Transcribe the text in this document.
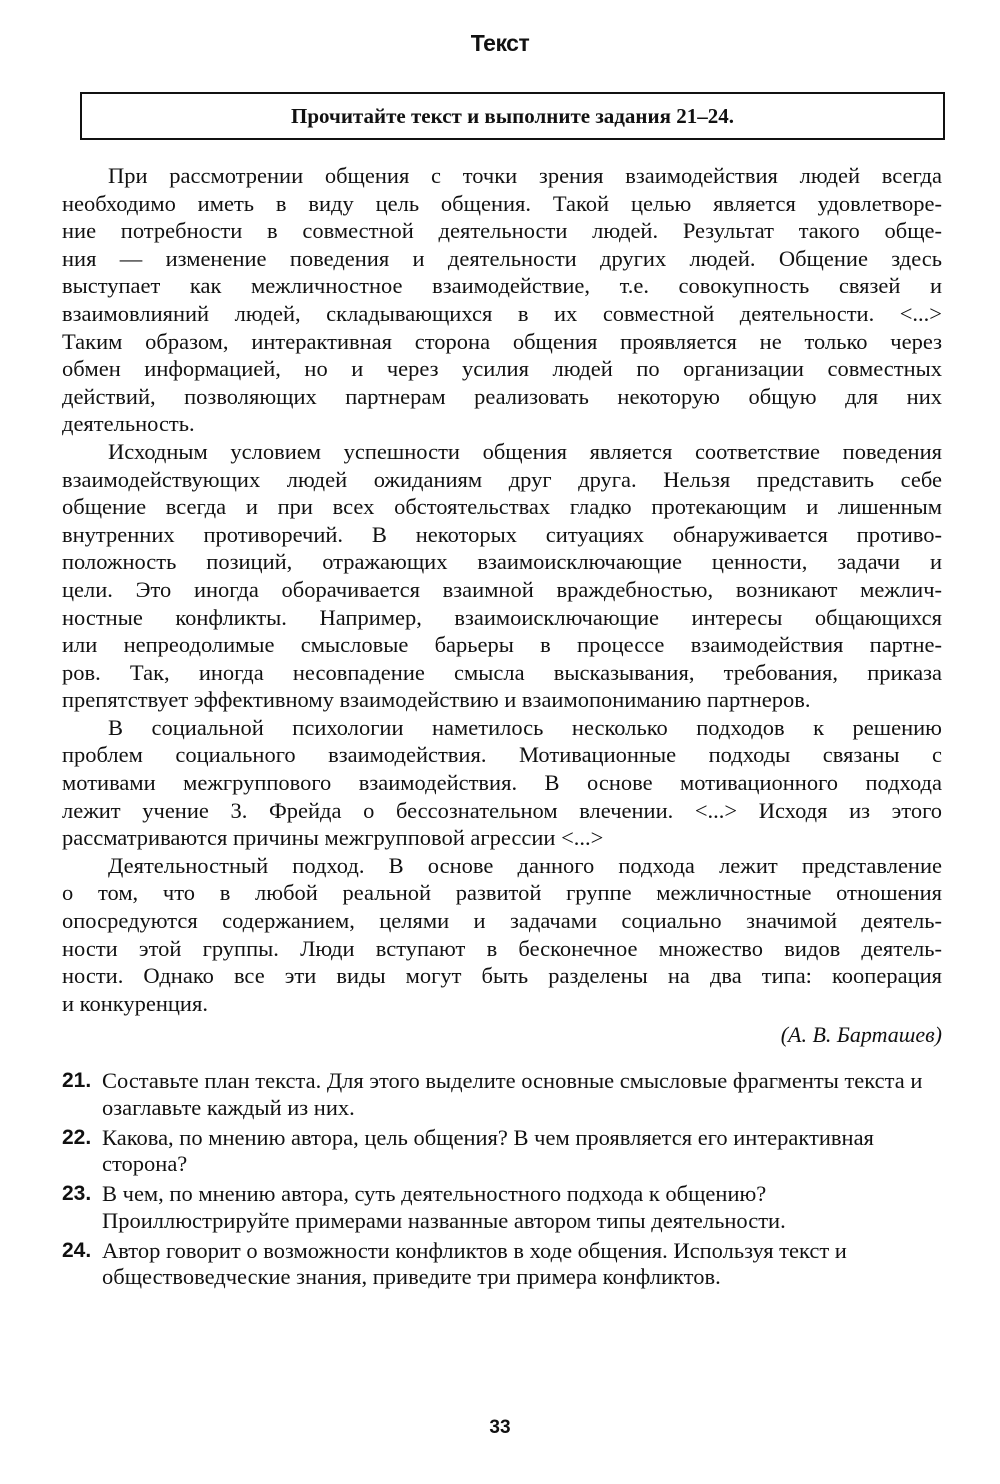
Текст
Прочитайте текст и выполните задания 21–24.
При рассмотрении общения с точки зрения взаимодействия людей всегда
необходимо иметь в виду цель общения. Такой целью является удовлетворе-
ние потребности в совместной деятельности людей. Результат такого обще-
ния — изменение поведения и деятельности других людей. Общение здесь
выступает как межличностное взаимодействие, т.е. совокупность связей и
взаимовлияний людей, складывающихся в их совместной деятельности. <...>
Таким образом, интерактивная сторона общения проявляется не только через
обмен информацией, но и через усилия людей по организации совместных
действий, позволяющих партнерам реализовать некоторую общую для них
деятельность.
Исходным условием успешности общения является соответствие поведения
взаимодействующих людей ожиданиям друг друга. Нельзя представить себе
общение всегда и при всех обстоятельствах гладко протекающим и лишенным
внутренних противоречий. В некоторых ситуациях обнаруживается противо-
положность позиций, отражающих взаимоисключающие ценности, задачи и
цели. Это иногда оборачивается взаимной враждебностью, возникают межлич-
ностные конфликты. Например, взаимоисключающие интересы общающихся
или непреодолимые смысловые барьеры в процессе взаимодействия партне-
ров. Так, иногда несовпадение смысла высказывания, требования, приказа
препятствует эффективному взаимодействию и взаимопониманию партнеров.
В социальной психологии наметилось несколько подходов к решению
проблем социального взаимодействия. Мотивационные подходы связаны с
мотивами межгруппового взаимодействия. В основе мотивационного подхода
лежит учение 3. Фрейда о бессознательном влечении. <...> Исходя из этого
рассматриваются причины межгрупповой агрессии <...>
Деятельностный подход. В основе данного подхода лежит представление
о том, что в любой реальной развитой группе межличностные отношения
опосредуются содержанием, целями и задачами социально значимой деятель-
ности этой группы. Люди вступают в бесконечное множество видов деятель-
ности. Однако все эти виды могут быть разделены на два типа: кооперация
и конкуренция.
(А. В. Барташев)
21. Составьте план текста. Для этого выделите основные смысловые фрагменты текста и озаглавьте каждый из них.
22. Какова, по мнению автора, цель общения? В чем проявляется его интерактивная сторона?
23. В чем, по мнению автора, суть деятельностного подхода к общению? Проиллюстрируйте примерами названные автором типы деятельности.
24. Автор говорит о возможности конфликтов в ходе общения. Используя текст и обществоведческие знания, приведите три примера конфликтов.
33
